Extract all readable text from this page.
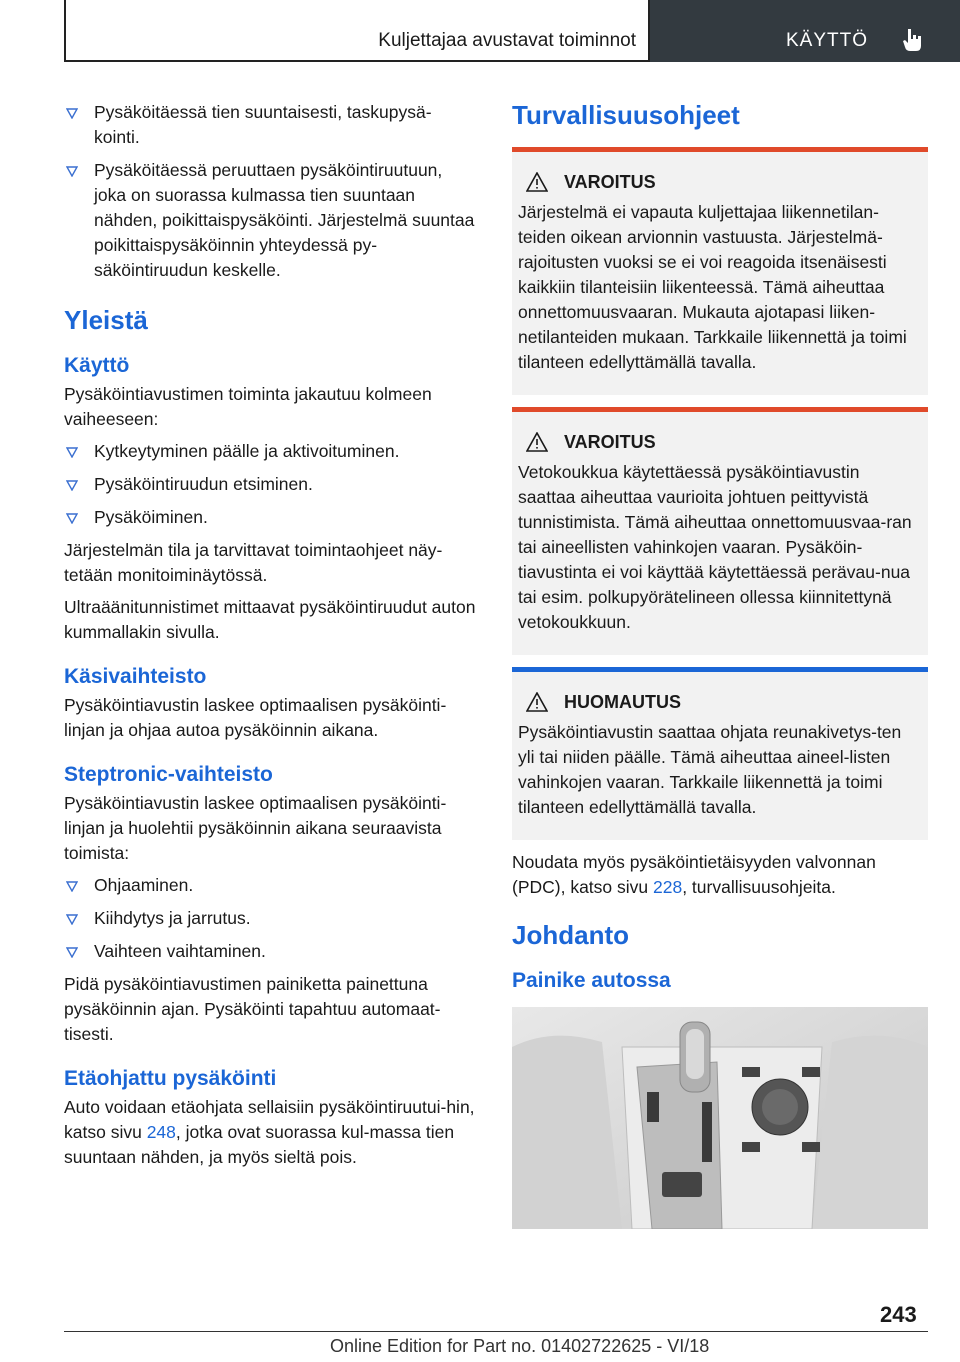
Kuljettajaa avustavat toiminnot	KÄYTTÖ
Pysäköitäessä tien suuntaisesti, taskupysä-
kointi.
Pysäköitäessä peruuttaen pysäköintiruutuun, joka on suorassa kulmassa tien suuntaan nähden, poikittaispysäköinti. Järjestelmä suuntaa poikittaispysäköinnin yhteydessä py-säköintiruudun keskelle.
Yleistä
Käyttö

Pysäköintiavustimen toiminta jakautuu kolmeen vaiheeseen:

Kytkeytyminen päälle ja aktivoituminen.
Pysäköintiruudun etsiminen.
Pysäköiminen.

Järjestelmän tila ja tarvittavat toimintaohjeet näy-tetään monitoiminäytössä.

Ultraäänitunnistimet mittaavat pysäköintiruudut auton kummallakin sivulla.

Käsivaihteisto

Pysäköintiavustin laskee optimaalisen pysäköinti-linjan ja ohjaa autoa pysäköinnin aikana.

Steptronic-vaihteisto

Pysäköintiavustin laskee optimaalisen pysäköinti-linjan ja huolehtii pysäköinnin aikana seuraavista toimista:

Ohjaaminen.
Kiihdytys ja jarrutus.
Vaihteen vaihtaminen.

Pidä pysäköintiavustimen painiketta painettuna pysäköinnin ajan. Pysäköinti tapahtuu automaat-tisesti.

Etäohjattu pysäköinti

Auto voidaan etäohjata sellaisiin pysäköintiruutui-hin, katso sivu 248, jotka ovat suorassa kul-massa tien suuntaan nähden, ja myös sieltä pois.

Turvallisuusohjeet
VAROITUS

Järjestelmä ei vapauta kuljettajaa liikennetilan-teiden oikean arvionnin vastuusta. Järjestelmä-rajoitusten vuoksi se ei voi reagoida itsenäisesti kaikkiin tilanteisiin liikenteessä. Tämä aiheuttaa onnettomuusvaaran. Mukauta ajotapasi liiken-netilanteiden mukaan. Tarkkaile liikennettä ja toimi tilanteen edellyttämällä tavalla.

VAROITUS

Vetokoukkua käytettäessä pysäköintiavustin saattaa aiheuttaa vaurioita johtuen peittyvistä tunnistimista. Tämä aiheuttaa onnettomuusvaa-ran tai aineellisten vahinkojen vaaran. Pysäköin-tiavustinta ei voi käyttää käytettäessä perävau-nua tai esim. polkupyörätelineen ollessa kiinnitettynä vetokoukkuun.

HUOMAUTUS

Pysäköintiavustin saattaa ohjata reunakivetys-ten yli tai niiden päälle. Tämä aiheuttaa aineel-listen vahinkojen vaaran. Tarkkaile liikennettä ja toimi tilanteen edellyttämällä tavalla.

Noudata myös pysäköintietäisyyden valvonnan (PDC), katso sivu 228, turvallisuusohjeita.

Johdanto
Painike autossa
243
Online Edition for Part no. 01402722625 - VI/18
